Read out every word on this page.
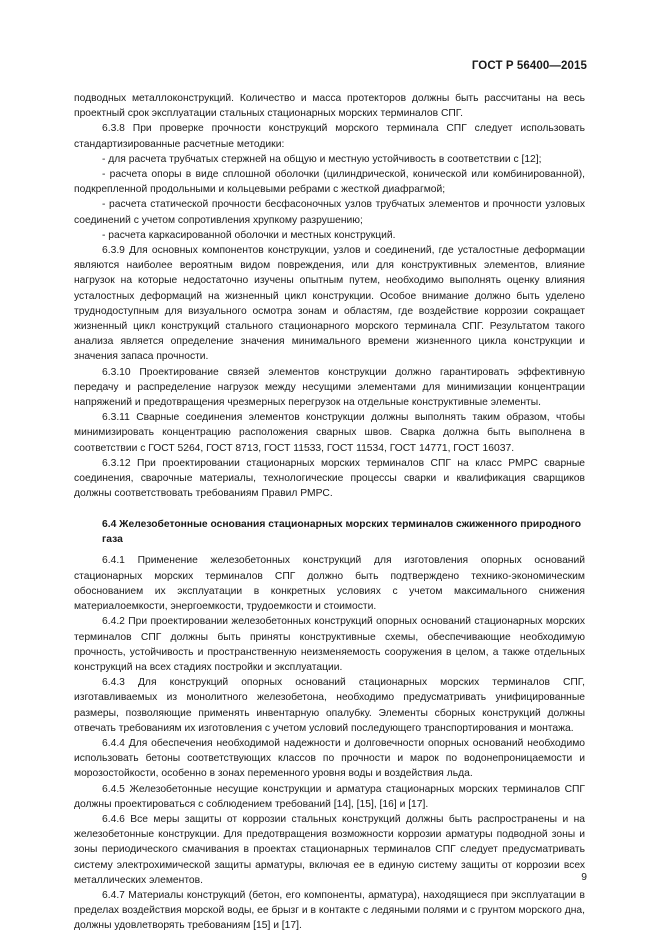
ГОСТ Р 56400—2015

подводных металлоконструкций. Количество и масса протекторов должны быть рассчитаны на весь проектный срок эксплуатации стальных стационарных морских терминалов СПГ.

6.3.8 При проверке прочности конструкций морского терминала СПГ следует использовать стандартизированные расчетные методики:

- для расчета трубчатых стержней на общую и местную устойчивость в соответствии с [12];

- расчета опоры в виде сплошной оболочки (цилиндрической, конической или комбинированной), подкрепленной продольными и кольцевыми ребрами с жесткой диафрагмой;

- расчета статической прочности бесфасоночных узлов трубчатых элементов и прочности узловых соединений с учетом сопротивления хрупкому разрушению;

- расчета каркасированной оболочки и местных конструкций.

6.3.9 Для основных компонентов конструкции, узлов и соединений, где усталостные деформации являются наиболее вероятным видом повреждения, или для конструктивных элементов, влияние нагрузок на которые недостаточно изучены опытным путем, необходимо выполнять оценку влияния усталостных деформаций на жизненный цикл конструкции. Особое внимание должно быть уделено труднодоступным для визуального осмотра зонам и областям, где воздействие коррозии сокращает жизненный цикл конструкций стального стационарного морского терминала СПГ. Результатом такого анализа является определение значения минимального времени жизненного цикла конструкции и значения запаса прочности.

6.3.10 Проектирование связей элементов конструкции должно гарантировать эффективную передачу и распределение нагрузок между несущими элементами для минимизации концентрации напряжений и предотвращения чрезмерных перегрузок на отдельные конструктивные элементы.

6.3.11 Сварные соединения элементов конструкции должны выполнять таким образом, чтобы минимизировать концентрацию расположения сварных швов. Сварка должна быть выполнена в соответствии с ГОСТ 5264, ГОСТ 8713, ГОСТ 11533, ГОСТ 11534, ГОСТ 14771, ГОСТ 16037.

6.3.12 При проектировании стационарных морских терминалов СПГ на класс РМРС сварные соединения, сварочные материалы, технологические процессы сварки и квалификация сварщиков должны соответствовать требованиям Правил РМРС.

6.4 Железобетонные основания стационарных морских терминалов сжиженного природного газа

6.4.1 Применение железобетонных конструкций для изготовления опорных оснований стационарных морских терминалов СПГ должно быть подтверждено технико-экономическим обоснованием их эксплуатации в конкретных условиях с учетом максимального снижения материалоемкости, энергоемкости, трудоемкости и стоимости.

6.4.2 При проектировании железобетонных конструкций опорных оснований стационарных морских терминалов СПГ должны быть приняты конструктивные схемы, обеспечивающие необходимую прочность, устойчивость и пространственную неизменяемость сооружения в целом, а также отдельных конструкций на всех стадиях постройки и эксплуатации.

6.4.3 Для конструкций опорных оснований стационарных морских терминалов СПГ, изготавливаемых из монолитного железобетона, необходимо предусматривать унифицированные размеры, позволяющие применять инвентарную опалубку. Элементы сборных конструкций должны отвечать требованиям их изготовления с учетом условий последующего транспортирования и монтажа.

6.4.4 Для обеспечения необходимой надежности и долговечности опорных оснований необходимо использовать бетоны соответствующих классов по прочности и марок по водонепроницаемости и морозостойкости, особенно в зонах переменного уровня воды и воздействия льда.

6.4.5 Железобетонные несущие конструкции и арматура стационарных морских терминалов СПГ должны проектироваться с соблюдением требований [14], [15], [16] и [17].

6.4.6 Все меры защиты от коррозии стальных конструкций должны быть распространены и на железобетонные конструкции. Для предотвращения возможности коррозии арматуры подводной зоны и зоны периодического смачивания в проектах стационарных терминалов СПГ следует предусматривать систему электрохимической защиты арматуры, включая ее в единую систему защиты от коррозии всех металлических элементов.

6.4.7 Материалы конструкций (бетон, его компоненты, арматура), находящиеся при эксплуатации в пределах воздействия морской воды, ее брызг и в контакте с ледяными полями и с грунтом морского дна, должны удовлетворять требованиям [15] и [17].

9
